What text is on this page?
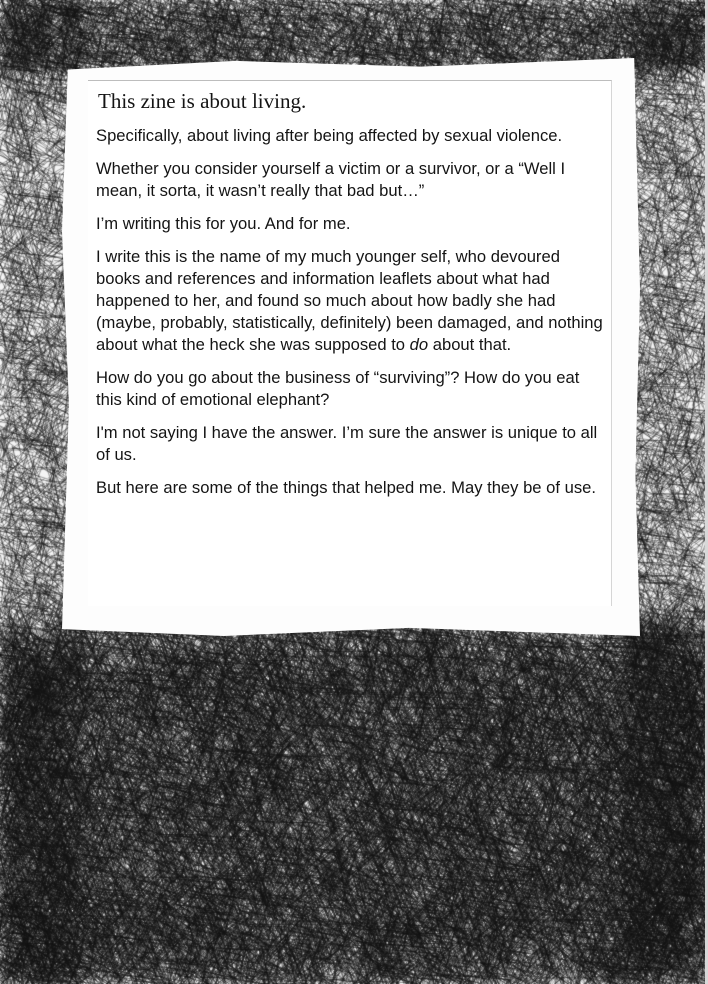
This zine is about living.

Specifically, about living after being affected by sexual violence.

Whether you consider yourself a victim or a survivor, or a “Well I mean, it sorta, it wasn’t really that bad but…”

I’m writing this for you. And for me.

I write this is the name of my much younger self, who devoured books and references and information leaflets about what had happened to her, and found so much about how badly she had (maybe, probably, statistically, definitely) been damaged, and nothing about what the heck she was supposed to do about that.

How do you go about the business of “surviving”? How do you eat this kind of emotional elephant?

I'm not saying I have the answer. I’m sure the answer is unique to all of us.

But here are some of the things that helped me. May they be of use.
